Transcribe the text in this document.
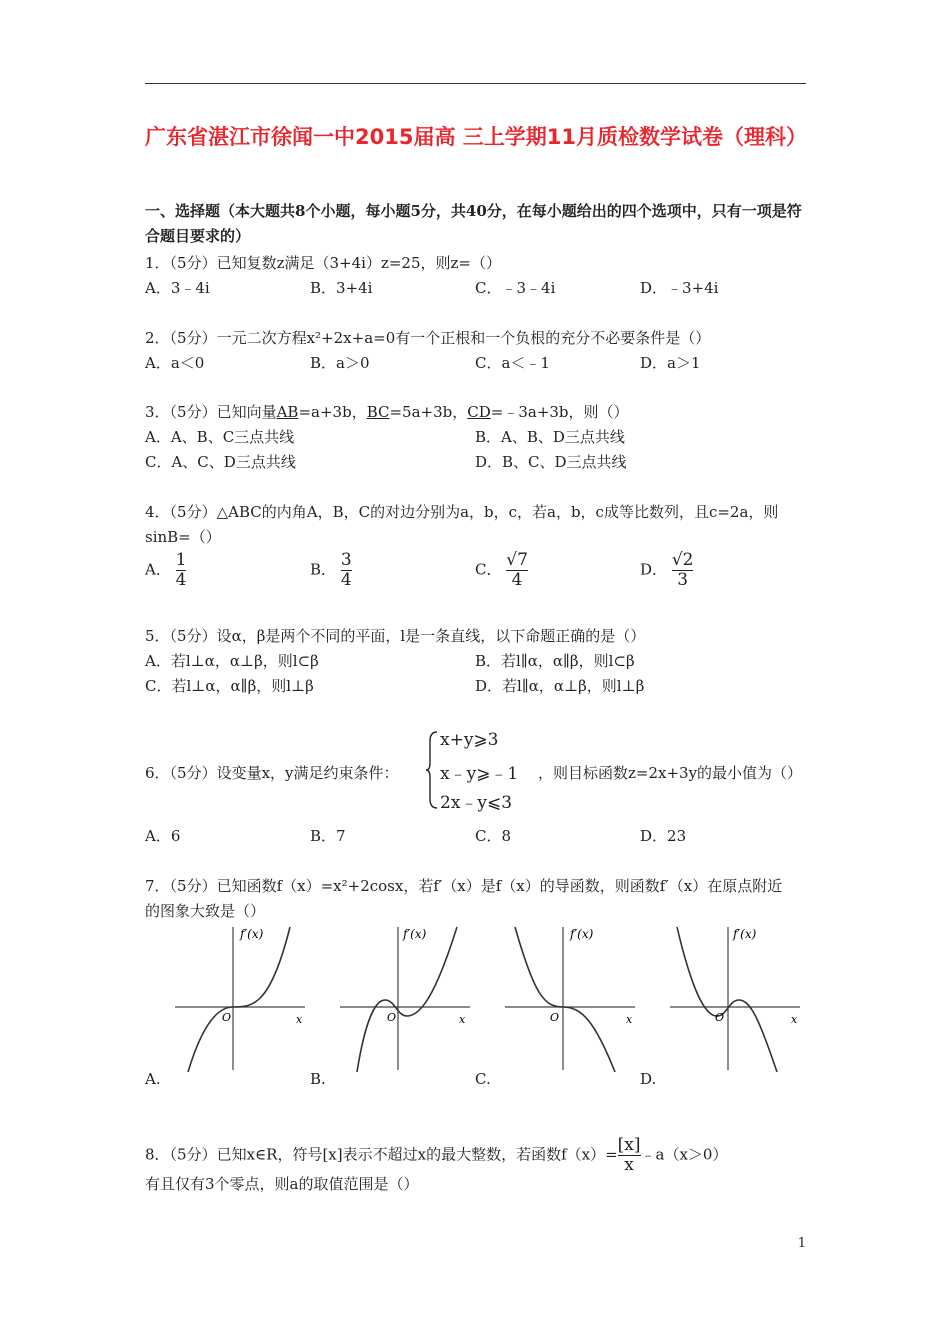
广东省湛江市徐闻一中2015届高 三上学期11月质检数学试卷（理科）
一、选择题（本大题共8个小题，每小题5分，共40分，在每小题给出的四个选项中，只有一项是符合题目要求的）
1．（5分）已知复数z满足（3+4i）z=25，则z=（）
A．3﹣4i	B．3+4i	C．﹣3﹣4i	D．﹣3+4i
2．（5分）一元二次方程x²+2x+a=0有一个正根和一个负根的充分不必要条件是（）
A．a＜0	B．a＞0	C．a＜﹣1	D．a＞1
3．（5分）已知向量AB=a+3b，BC=5a+3b，CD=﹣3a+3b，则（）
A．A、B、C三点共线	B．A、B、D三点共线
C．A、C、D三点共线	D．B、C、D三点共线
4．（5分）△ABC的内角A，B，C的对边分别为a，b，c，若a，b，c成等比数列，且c=2a，则
sinB=（）
A． $\frac{1}{4}$	B． $\frac{3}{4}$	C． $\frac{√7}{4}$	D． $\frac{√2}{3}$
5．（5分）设α，β是两个不同的平面，l是一条直线，以下命题正确的是（）
A．若l⊥α，α⊥β，则l⊂β	B．若l∥α，α∥β，则l⊂β
C．若l⊥α，α∥β，则l⊥β	D．若l∥α，α⊥β，则l⊥β
6．（5分）设变量x，y满足约束条件：
x+y⩾3
x﹣y⩾﹣1
2x﹣y⩽3
，则目标函数z=2x+3y的最小值为（）
A．6	B．7	C．8	D．23
7．（5分）已知函数f（x）=x²+2cosx，若f′（x）是f（x）的导函数，则函数f′（x）在原点附近
的图象大致是（）
f′(x)
x
O
A.
f′(x)
x
O
B.
f′(x)
x
O
C.
f′(x)
x
O
D.
8．（5分）已知x∈R，符号[x]表示不超过x的最大整数，若函数$f(x)= \frac{[x]}{x}$ ﹣a（x＞0）
有且仅有3个零点，则a的取值范围是（）
1
